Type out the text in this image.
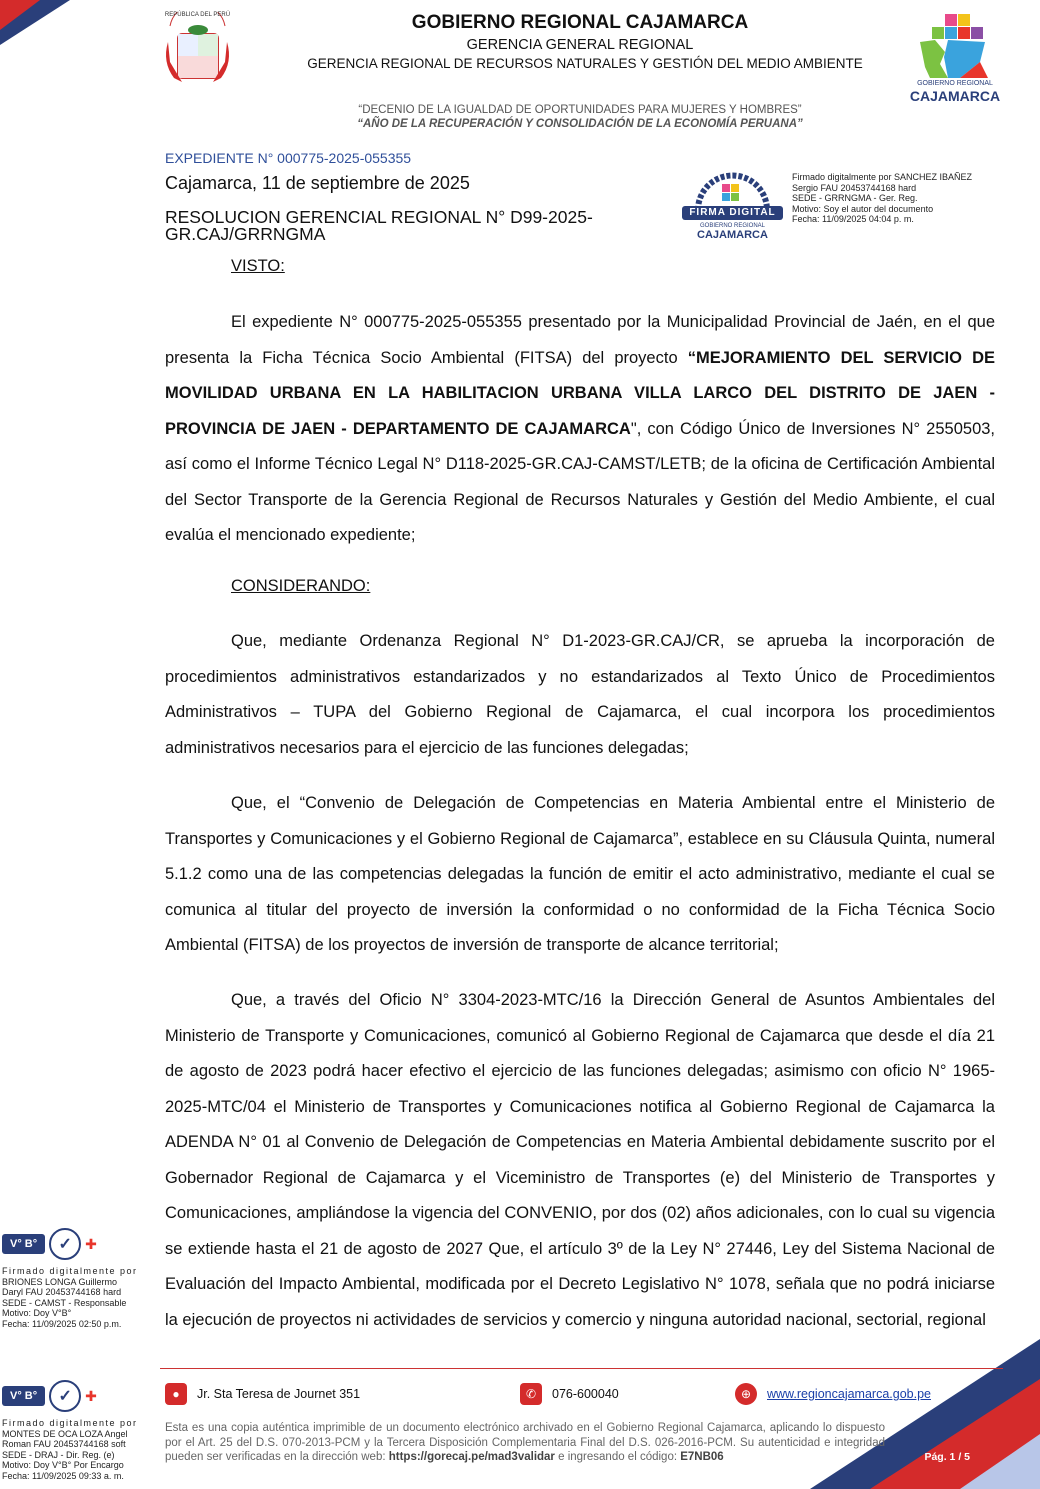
REPÚBLICA DEL PERÚ	GOBIERNO REGIONAL CAJAMARCA
GERENCIA GENERAL REGIONAL
GERENCIA REGIONAL DE RECURSOS NATURALES Y GESTIÓN DEL MEDIO AMBIENTE
“DECENIO DE LA IGUALDAD DE OPORTUNIDADES PARA MUJERES Y HOMBRES”
“AÑO DE LA RECUPERACIÓN Y CONSOLIDACIÓN DE LA ECONOMÍA PERUANA”
GOBIERNO REGIONAL
CAJAMARCA
EXPEDIENTE N° 000775-2025-055355
Cajamarca, 11 de septiembre de 2025
RESOLUCION GERENCIAL REGIONAL N° D99-2025-GR.CAJ/GRRNGMA
FIRMA DIGITAL
GOBIERNO REGIONAL
CAJAMARCA
Firmado digitalmente por SANCHEZ IBAÑEZ
Sergio FAU 20453744168 hard
SEDE - GRRNGMA - Ger. Reg.
Motivo: Soy el autor del documento
Fecha: 11/09/2025 04:04 p. m.
VISTO:

El expediente N° 000775-2025-055355 presentado por la Municipalidad Provincial de Jaén, en el que presenta la Ficha Técnica Socio Ambiental (FITSA) del proyecto “MEJORAMIENTO DEL SERVICIO DE MOVILIDAD URBANA EN LA HABILITACION URBANA VILLA LARCO DEL DISTRITO DE JAEN - PROVINCIA DE JAEN - DEPARTAMENTO DE CAJAMARCA", con Código Único de Inversiones N° 2550503, así como el Informe Técnico Legal N° D118-2025-GR.CAJ-CAMST/LETB; de la oficina de Certificación Ambiental del Sector Transporte de la Gerencia Regional de Recursos Naturales y Gestión del Medio Ambiente, el cual evalúa el mencionado expediente;

CONSIDERANDO:

Que, mediante Ordenanza Regional N° D1-2023-GR.CAJ/CR, se aprueba la incorporación de procedimientos administrativos estandarizados y no estandarizados al Texto Único de Procedimientos Administrativos – TUPA del Gobierno Regional de Cajamarca, el cual incorpora los procedimientos administrativos necesarios para el ejercicio de las funciones delegadas;

Que, el “Convenio de Delegación de Competencias en Materia Ambiental entre el Ministerio de Transportes y Comunicaciones y el Gobierno Regional de Cajamarca”, establece en su Cláusula Quinta, numeral 5.1.2 como una de las competencias delegadas la función de emitir el acto administrativo, mediante el cual se comunica al titular del proyecto de inversión la conformidad o no conformidad de la Ficha Técnica Socio Ambiental (FITSA) de los proyectos de inversión de transporte de alcance territorial;

Que, a través del Oficio N° 3304-2023-MTC/16 la Dirección General de Asuntos Ambientales del Ministerio de Transporte y Comunicaciones, comunicó al Gobierno Regional de Cajamarca que desde el día 21 de agosto de 2023 podrá hacer efectivo el ejercicio de las funciones delegadas; asimismo con oficio N° 1965-2025-MTC/04 el Ministerio de Transportes y Comunicaciones notifica al Gobierno Regional de Cajamarca la ADENDA N° 01 al Convenio de Delegación de Competencias en Materia Ambiental debidamente suscrito por el Gobernador Regional de Cajamarca y el Viceministro de Transportes (e) del Ministerio de Transportes y Comunicaciones, ampliándose la vigencia del CONVENIO, por dos (02) años adicionales, con lo cual su vigencia se extiende hasta el 21 de agosto de 2027 Que, el artículo 3º de la Ley N° 27446, Ley del Sistema Nacional de Evaluación del Impacto Ambiental, modificada por el Decreto Legislativo N° 1078, señala que no podrá iniciarse la ejecución de proyectos ni actividades de servicios y comercio y ninguna autoridad nacional, sectorial, regional

V° B°	✓ ✚
Firmado digitalmente por
BRIONES LONGA Guillermo
Daryl FAU 20453744168 hard
SEDE - CAMST - Responsable
Motivo: Doy V°B°
Fecha: 11/09/2025 02:50 p.m.
●	Jr. Sta Teresa de Journet 351	✆	076-600040	⊕	www.regioncajamarca.gob.pe
V° B°	✓ ✚
Firmado digitalmente por
MONTES DE OCA LOZA Angel
Roman FAU 20453744168 soft
SEDE - DRAJ - Dir. Reg. (e)
Motivo: Doy V°B° Por Encargo
Fecha: 11/09/2025 09:33 a. m.
Esta es una copia auténtica imprimible de un documento electrónico archivado en el Gobierno Regional Cajamarca, aplicando lo dispuesto por el Art. 25 del D.S. 070-2013-PCM y la Tercera Disposición Complementaria Final del D.S. 026-2016-PCM. Su autenticidad e integridad pueden ser verificadas en la dirección web: https://gorecaj.pe/mad3validar e ingresando el código: E7NB06	Pág. 1 / 5
